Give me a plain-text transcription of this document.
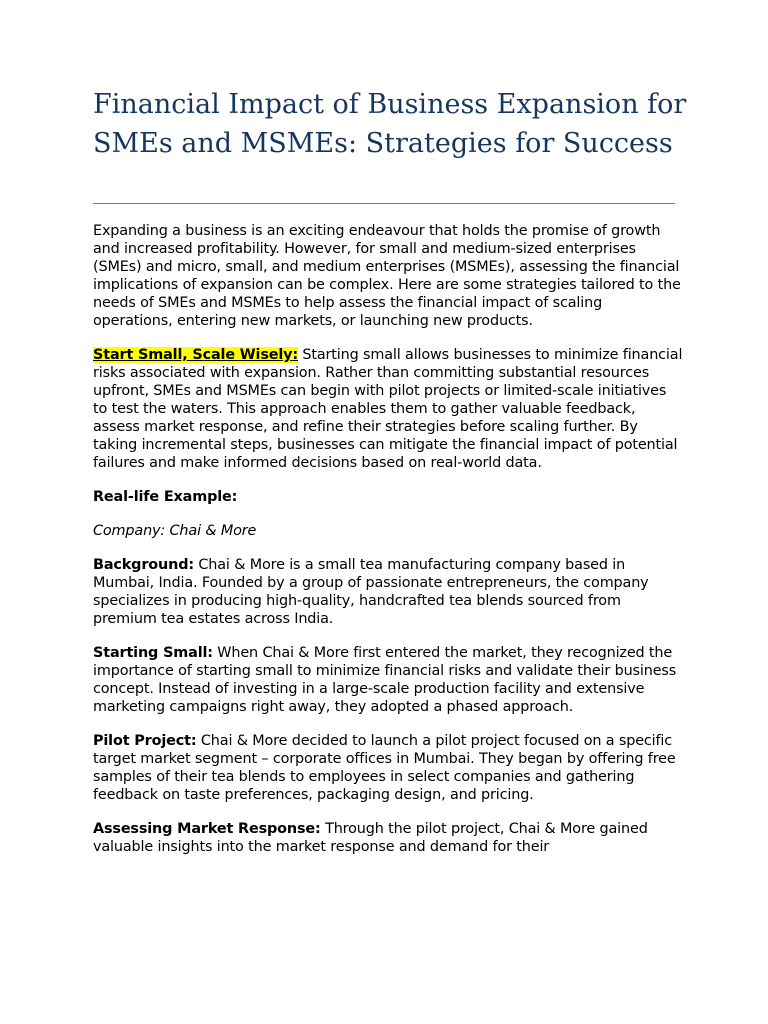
Financial Impact of Business Expansion for SMEs and MSMEs: Strategies for Success

Expanding a business is an exciting endeavour that holds the promise of growth and increased profitability. However, for small and medium-sized enterprises (SMEs) and micro, small, and medium enterprises (MSMEs), assessing the financial implications of expansion can be complex. Here are some strategies tailored to the needs of SMEs and MSMEs to help assess the financial impact of scaling operations, entering new markets, or launching new products.

Start Small, Scale Wisely: Starting small allows businesses to minimize financial risks associated with expansion. Rather than committing substantial resources upfront, SMEs and MSMEs can begin with pilot projects or limited-scale initiatives to test the waters. This approach enables them to gather valuable feedback, assess market response, and refine their strategies before scaling further. By taking incremental steps, businesses can mitigate the financial impact of potential failures and make informed decisions based on real-world data.

Real-life Example:

Company: Chai & More

Background: Chai & More is a small tea manufacturing company based in Mumbai, India. Founded by a group of passionate entrepreneurs, the company specializes in producing high-quality, handcrafted tea blends sourced from premium tea estates across India.

Starting Small: When Chai & More first entered the market, they recognized the importance of starting small to minimize financial risks and validate their business concept. Instead of investing in a large-scale production facility and extensive marketing campaigns right away, they adopted a phased approach.

Pilot Project: Chai & More decided to launch a pilot project focused on a specific target market segment – corporate offices in Mumbai. They began by offering free samples of their tea blends to employees in select companies and gathering feedback on taste preferences, packaging design, and pricing.

Assessing Market Response: Through the pilot project, Chai & More gained valuable insights into the market response and demand for their
